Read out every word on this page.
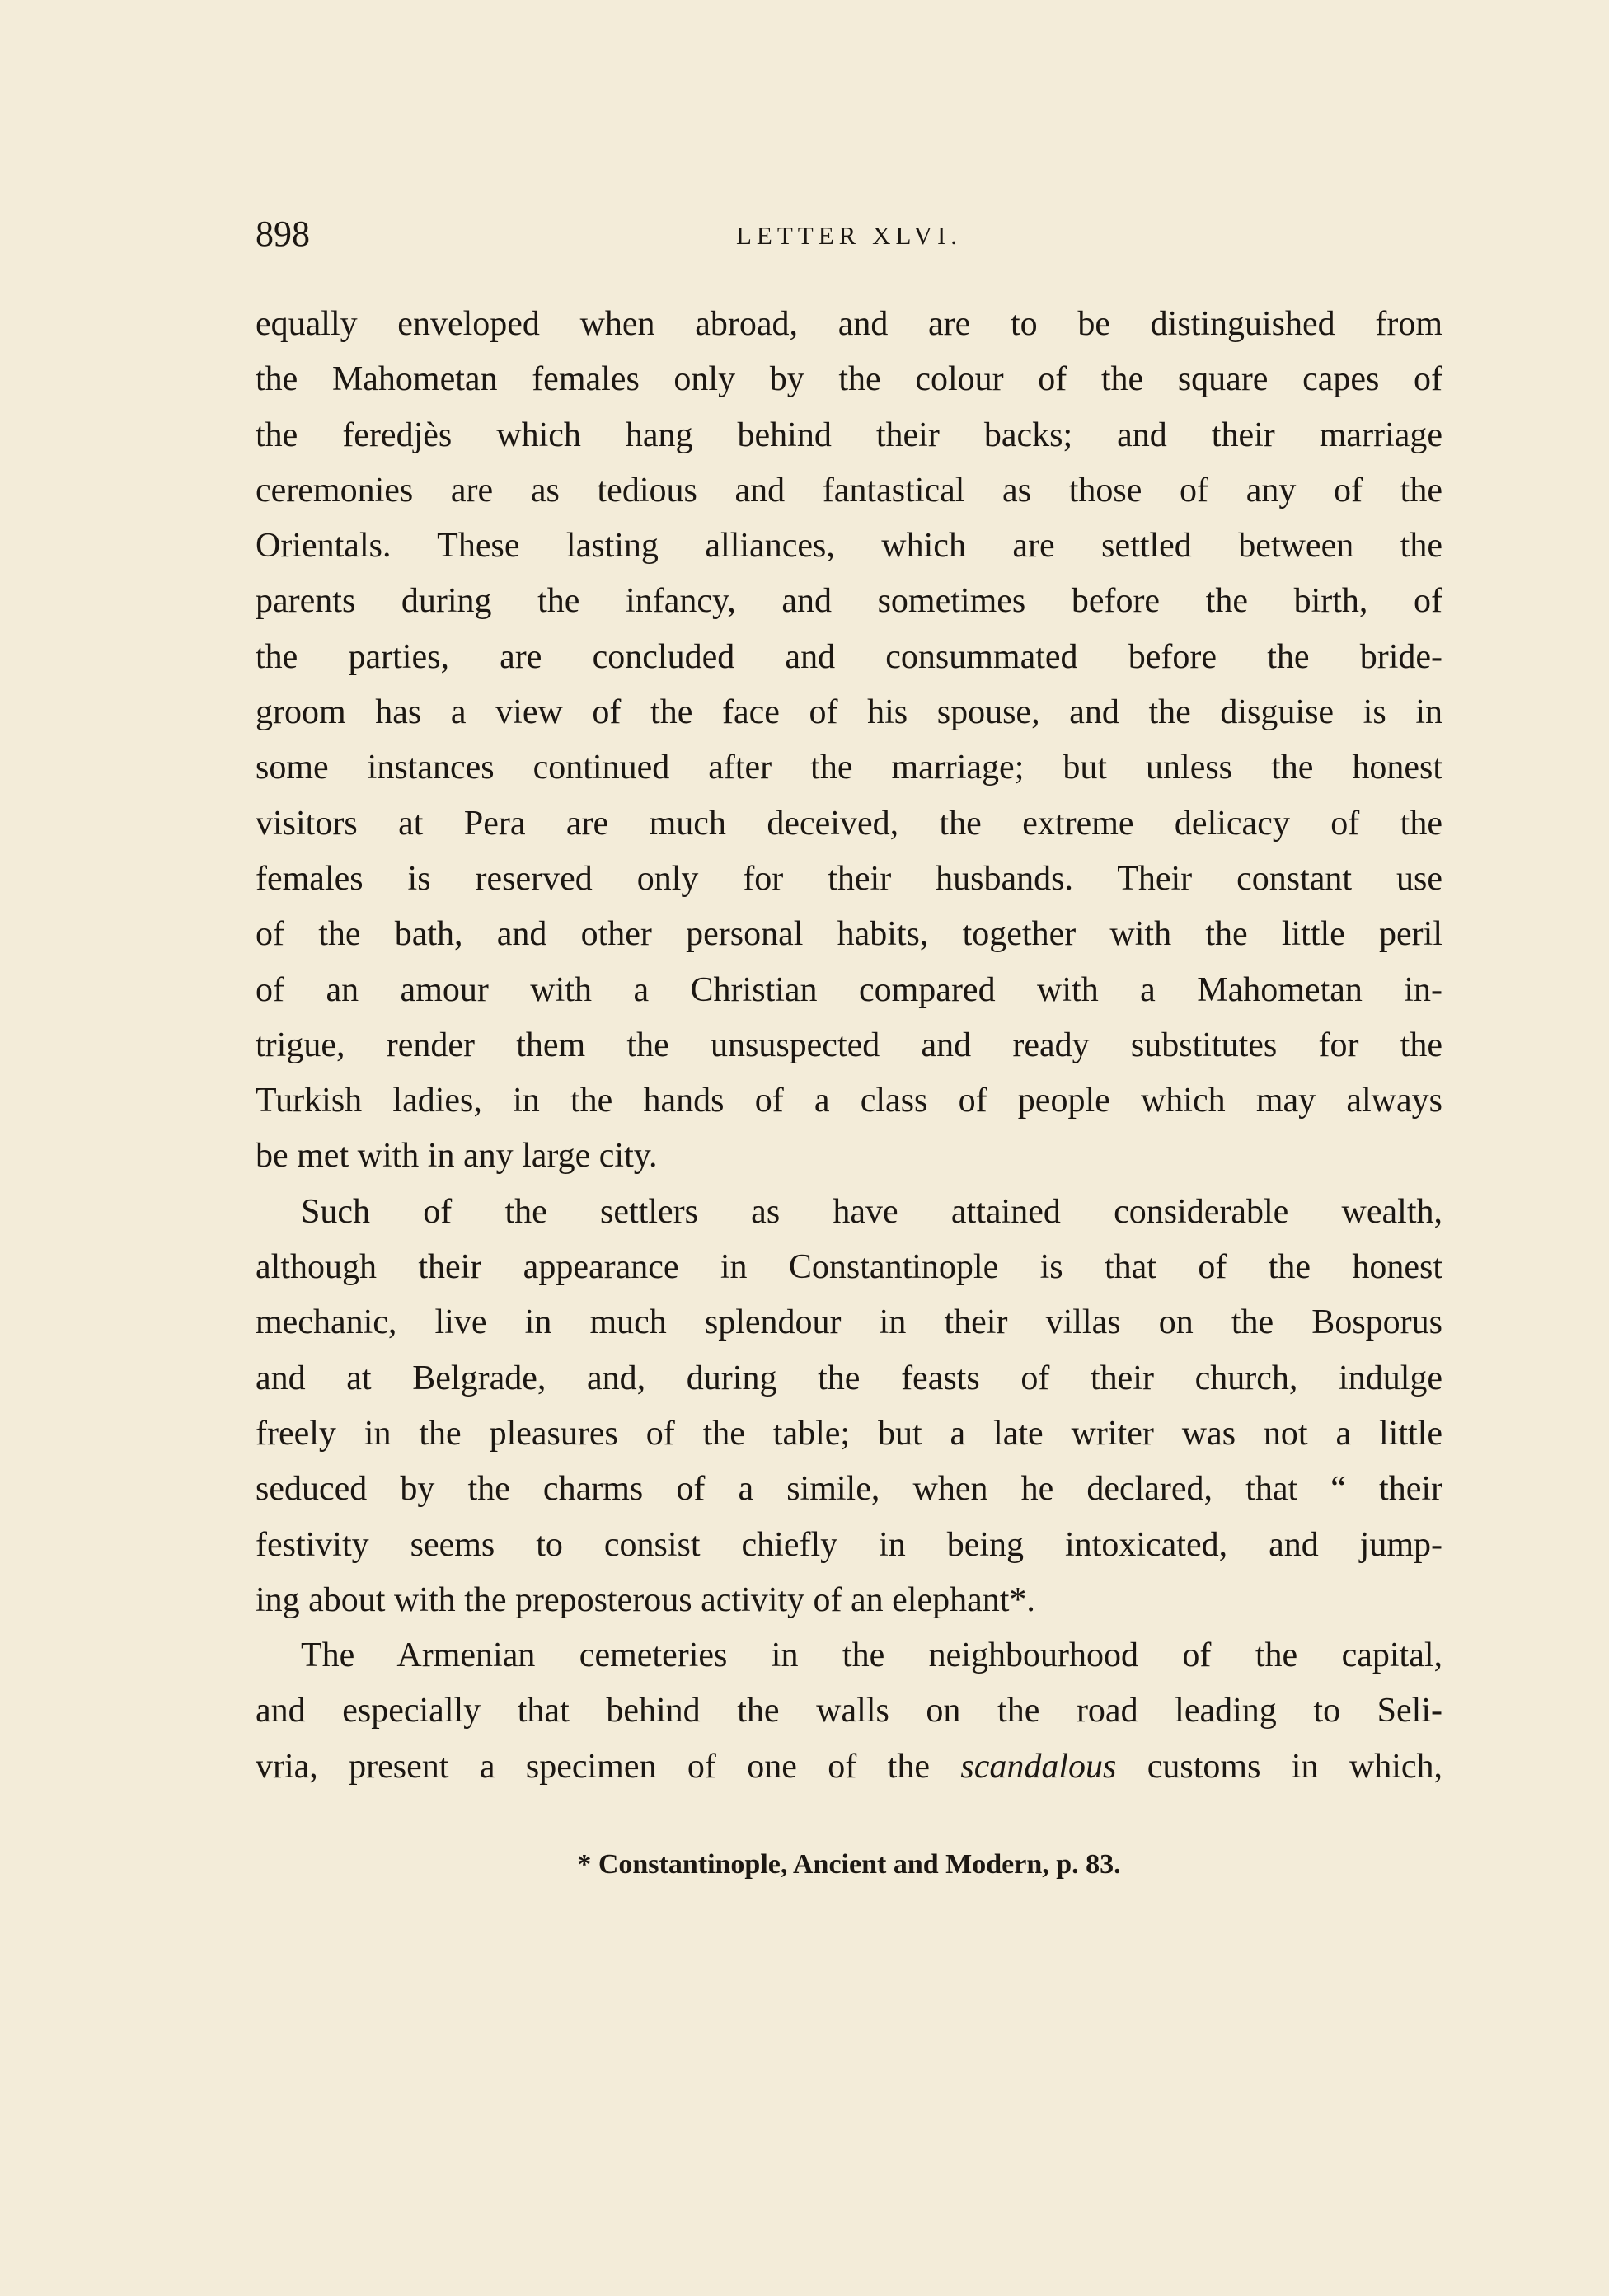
898	LETTER XLVI.
equally enveloped when abroad, and are to be distinguished from
the Mahometan females only by the colour of the square capes of
the feredjès which hang behind their backs; and their marriage
ceremonies are as tedious and fantastical as those of any of the
Orientals. These lasting alliances, which are settled between the
parents during the infancy, and sometimes before the birth, of
the parties, are concluded and consummated before the bride-
groom has a view of the face of his spouse, and the disguise is in
some instances continued after the marriage; but unless the honest
visitors at Pera are much deceived, the extreme delicacy of the
females is reserved only for their husbands. Their constant use
of the bath, and other personal habits, together with the little peril
of an amour with a Christian compared with a Mahometan in-
trigue, render them the unsuspected and ready substitutes for the
Turkish ladies, in the hands of a class of people which may always
be met with in any large city.
Such of the settlers as have attained considerable wealth,
although their appearance in Constantinople is that of the honest
mechanic, live in much splendour in their villas on the Bosporus
and at Belgrade, and, during the feasts of their church, indulge
freely in the pleasures of the table; but a late writer was not a little
seduced by the charms of a simile, when he declared, that “ their
festivity seems to consist chiefly in being intoxicated, and jump-
ing about with the preposterous activity of an elephant*.
The Armenian cemeteries in the neighbourhood of the capital,
and especially that behind the walls on the road leading to Seli-
vria, present a specimen of one of the scandalous customs in which,
* Constantinople, Ancient and Modern, p. 83.
